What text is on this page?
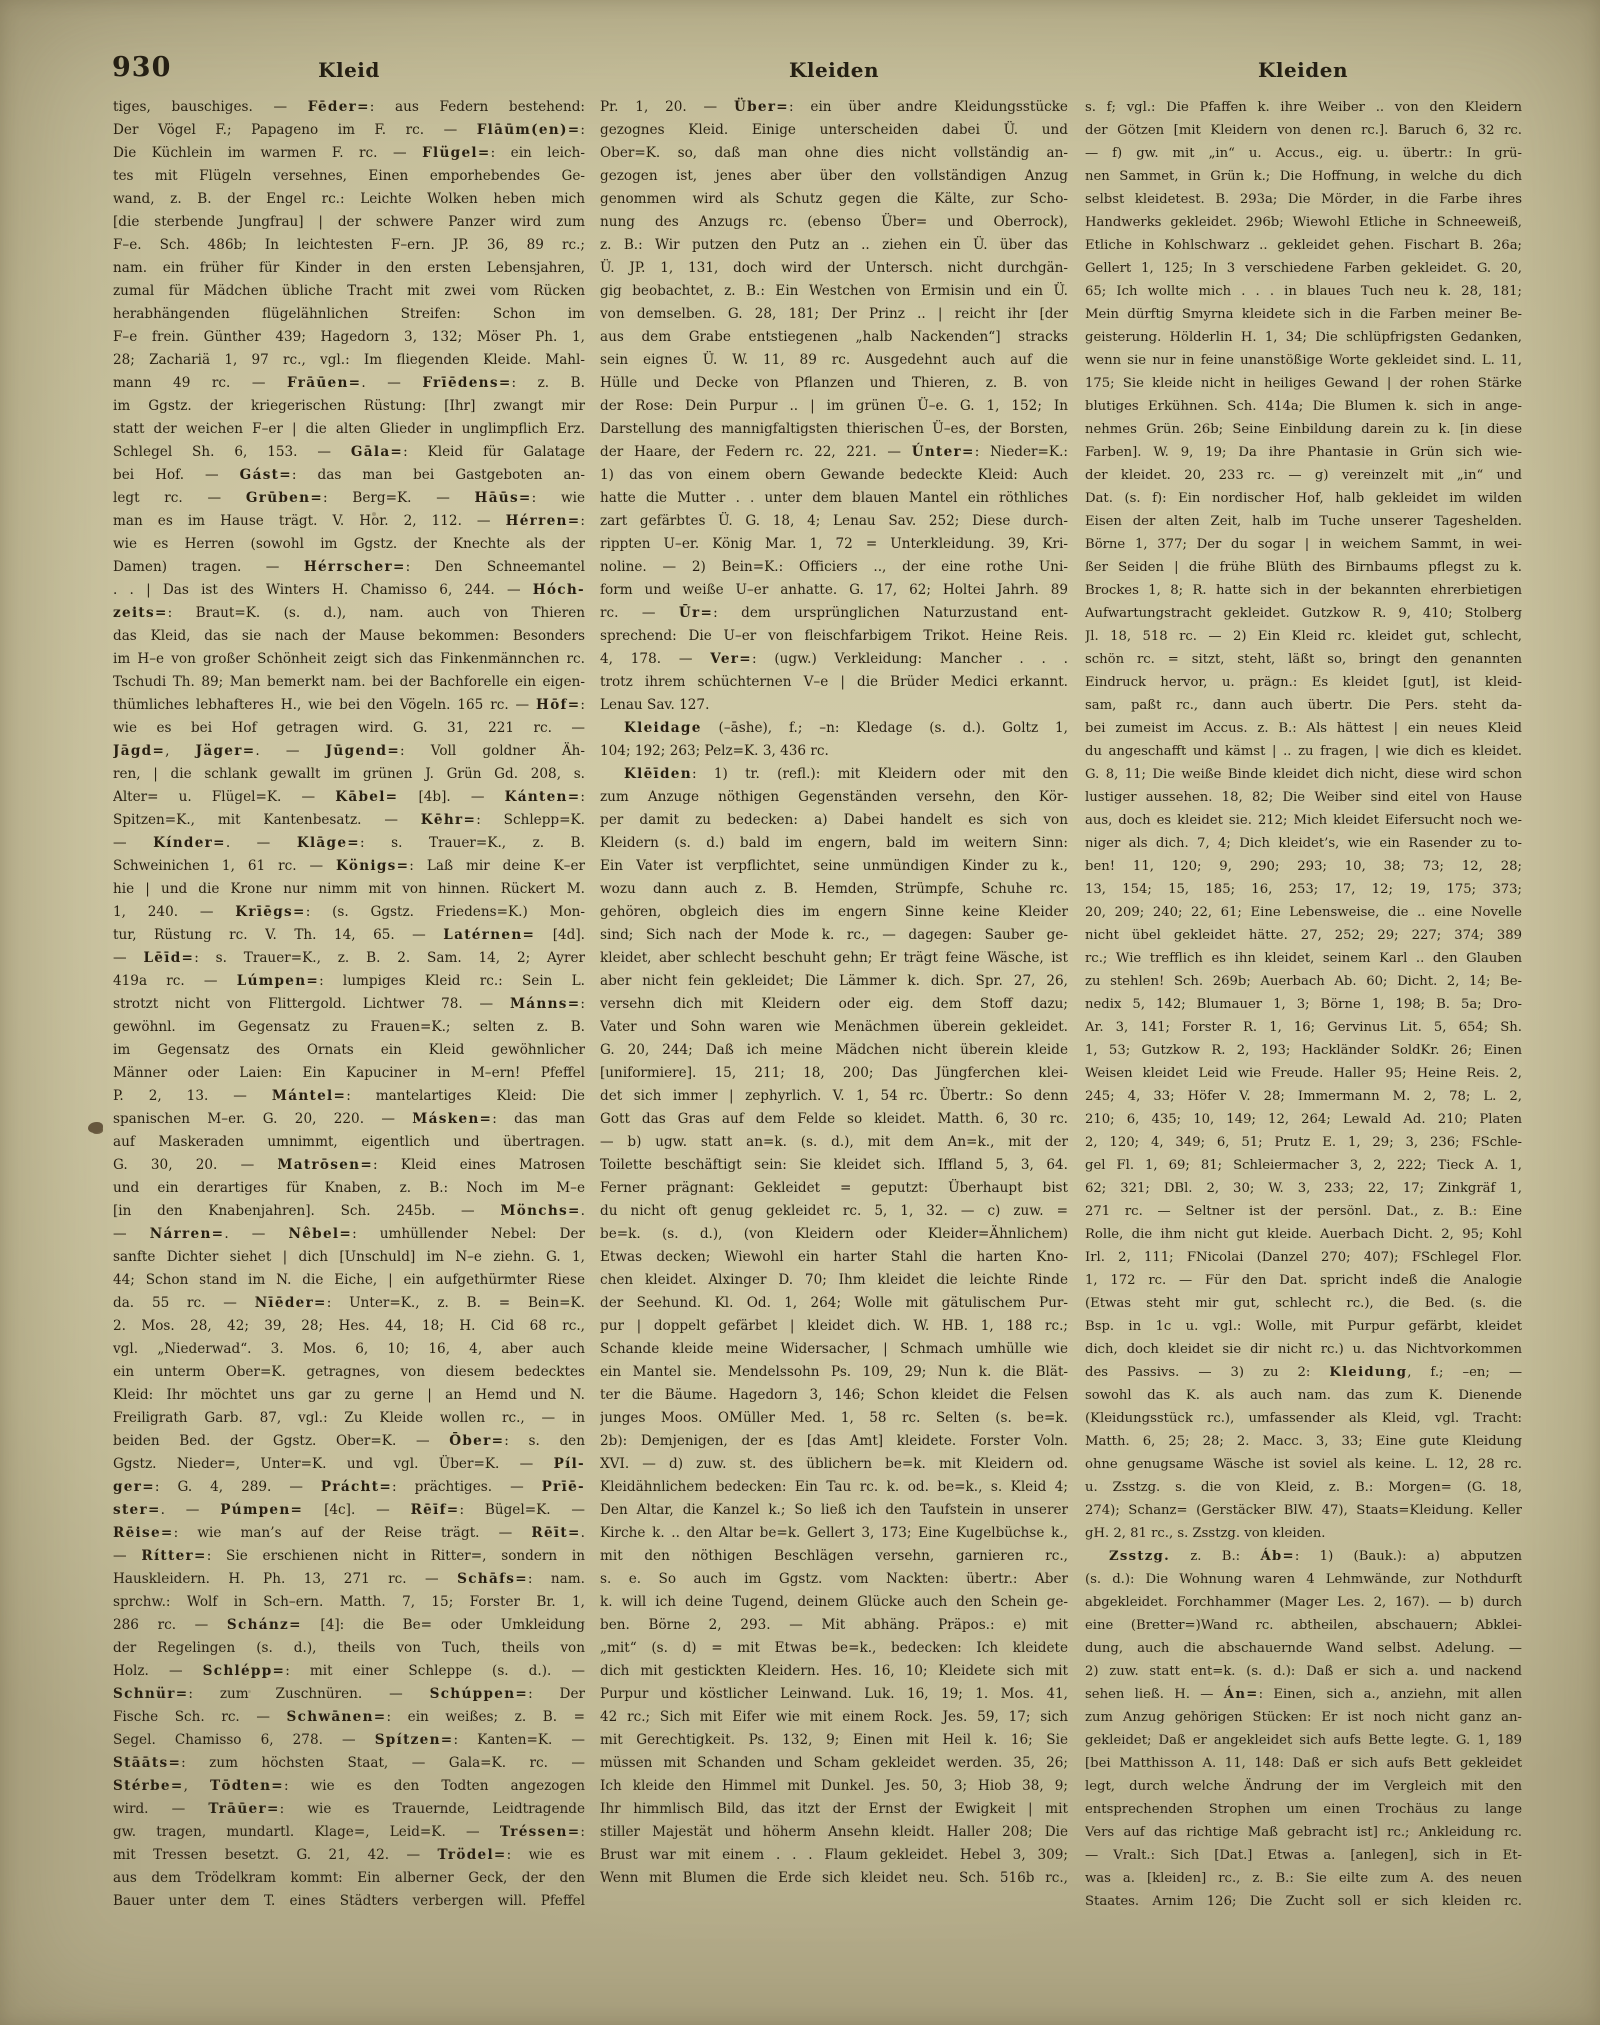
930	Kleid	Kleiden	Kleiden
tiges, bauschiges. — Fēder=: aus Federn bestehend:
Der Vögel F.; Papageno im F. rc. — Flāūm(en)=:
Die Küchlein im warmen F. rc. — Flügel=: ein leich-
tes mit Flügeln versehnes, Einen emporhebendes Ge-
wand, z. B. der Engel rc.: Leichte Wolken heben mich
[die sterbende Jungfrau] | der schwere Panzer wird zum
F–e. Sch. 486b; In leichtesten F–ern. JP. 36, 89 rc.;
nam. ein früher für Kinder in den ersten Lebensjahren,
zumal für Mädchen übliche Tracht mit zwei vom Rücken
herabhängenden flügelähnlichen Streifen: Schon im
F–e frein. Günther 439; Hagedorn 3, 132; Möser Ph. 1,
28; Zachariä 1, 97 rc., vgl.: Im fliegenden Kleide. Mahl-
mann 49 rc. — Frāūen=. — Frīēdens=: z. B.
im Ggstz. der kriegerischen Rüstung: [Ihr] zwangt mir
statt der weichen F–er | die alten Glieder in unglimpflich Erz.
Schlegel Sh. 6, 153. — Gāla=: Kleid für Galatage
bei Hof. — Gást=: das man bei Gastgeboten an-
legt rc. — Grūben=: Berg=K. — Hāūs=: wie
man es im Hause trägt. V. Hor. 2, 112. — Hérren=:
wie es Herren (sowohl im Ggstz. der Knechte als der
Damen) tragen. — Hérrscher=: Den Schneemantel
. . | Das ist des Winters H. Chamisso 6, 244. — Hóch-
zeits=: Braut=K. (s. d.), nam. auch von Thieren
das Kleid, das sie nach der Mause bekommen: Besonders
im H–e von großer Schönheit zeigt sich das Finkenmännchen rc.
Tschudi Th. 89; Man bemerkt nam. bei der Bachforelle ein eigen-
thümliches lebhafteres H., wie bei den Vögeln. 165 rc. — Hōf=:
wie es bei Hof getragen wird. G. 31, 221 rc. —
Jāgd=, Jäger=. — Jūgend=: Voll goldner Äh-
ren, | die schlank gewallt im grünen J. Grün Gd. 208, s.
Alter= u. Flügel=K. — Kābel= [4b]. — Kánten=:
Spitzen=K., mit Kantenbesatz. — Kēhr=: Schlepp=K.
— Kínder=. — Klāge=: s. Trauer=K., z. B.
Schweinichen 1, 61 rc. — Königs=: Laß mir deine K–er
hie | und die Krone nur nimm mit von hinnen. Rückert M.
1, 240. — Krīēgs=: (s. Ggstz. Friedens=K.) Mon-
tur, Rüstung rc. V. Th. 14, 65. — Latérnen= [4d].
— Lēīd=: s. Trauer=K., z. B. 2. Sam. 14, 2; Ayrer
419a rc. — Lúmpen=: lumpiges Kleid rc.: Sein L.
strotzt nicht von Flittergold. Lichtwer 78. — Mánns=:
gewöhnl. im Gegensatz zu Frauen=K.; selten z. B.
im Gegensatz des Ornats ein Kleid gewöhnlicher
Männer oder Laien: Ein Kapuciner in M–ern! Pfeffel
P. 2, 13. — Mántel=: mantelartiges Kleid: Die
spanischen M–er. G. 20, 220. — Másken=: das man
auf Maskeraden umnimmt, eigentlich und übertragen.
G. 30, 20. — Matrōsen=: Kleid eines Matrosen
und ein derartiges für Knaben, z. B.: Noch im M–e
[in den Knabenjahren]. Sch. 245b. — Mönchs=.
— Nárren=. — Nêbel=: umhüllender Nebel: Der
sanfte Dichter siehet | dich [Unschuld] im N–e ziehn. G. 1,
44; Schon stand im N. die Eiche, | ein aufgethürmter Riese
da. 55 rc. — Nīēder=: Unter=K., z. B. = Bein=K.
2. Mos. 28, 42; 39, 28; Hes. 44, 18; H. Cid 68 rc.,
vgl. „Niederwad“. 3. Mos. 6, 10; 16, 4, aber auch
ein unterm Ober=K. getragnes, von diesem bedecktes
Kleid: Ihr möchtet uns gar zu gerne | an Hemd und N.
Freiligrath Garb. 87, vgl.: Zu Kleide wollen rc., — in
beiden Bed. der Ggstz. Ober=K. — Ōber=: s. den
Ggstz. Nieder=, Unter=K. und vgl. Über=K. — Píl-
ger=: G. 4, 289. — Prácht=: prächtiges. — Prīē-
ster=. — Púmpen= [4c]. — Rēīf=: Bügel=K. —
Rēise=: wie man’s auf der Reise trägt. — Rēīt=.
— Rítter=: Sie erschienen nicht in Ritter=, sondern in
Hauskleidern. H. Ph. 13, 271 rc. — Schāfs=: nam.
sprchw.: Wolf in Sch–ern. Matth. 7, 15; Forster Br. 1,
286 rc. — Schánz= [4]: die Be= oder Umkleidung
der Regelingen (s. d.), theils von Tuch, theils von
Holz. — Schlépp=: mit einer Schleppe (s. d.). —
Schnür=: zum Zuschnüren. — Schúppen=: Der
Fische Sch. rc. — Schwānen=: ein weißes; z. B. =
Segel. Chamisso 6, 278. — Spítzen=: Kanten=K. —
Stāāts=: zum höchsten Staat, — Gala=K. rc. —
Stérbe=, Tōdten=: wie es den Todten angezogen
wird. — Trāūer=: wie es Trauernde, Leidtragende
gw. tragen, mundartl. Klage=, Leid=K. — Tréssen=:
mit Tressen besetzt. G. 21, 42. — Trödel=: wie es
aus dem Trödelkram kommt: Ein alberner Geck, der den
Bauer unter dem T. eines Städters verbergen will. Pfeffel
Pr. 1, 20. — Über=: ein über andre Kleidungsstücke
gezognes Kleid. Einige unterscheiden dabei Ü. und
Ober=K. so, daß man ohne dies nicht vollständig an-
gezogen ist, jenes aber über den vollständigen Anzug
genommen wird als Schutz gegen die Kälte, zur Scho-
nung des Anzugs rc. (ebenso Über= und Oberrock),
z. B.: Wir putzen den Putz an .. ziehen ein Ü. über das
Ü. JP. 1, 131, doch wird der Untersch. nicht durchgän-
gig beobachtet, z. B.: Ein Westchen von Ermisin und ein Ü.
von demselben. G. 28, 181; Der Prinz .. | reicht ihr [der
aus dem Grabe entstiegenen „halb Nackenden“] stracks
sein eignes Ü. W. 11, 89 rc. Ausgedehnt auch auf die
Hülle und Decke von Pflanzen und Thieren, z. B. von
der Rose: Dein Purpur .. | im grünen Ü–e. G. 1, 152; In
Darstellung des mannigfaltigsten thierischen Ü–es, der Borsten,
der Haare, der Federn rc. 22, 221. — Únter=: Nieder=K.:
1) das von einem obern Gewande bedeckte Kleid: Auch
hatte die Mutter . . unter dem blauen Mantel ein röthliches
zart gefärbtes Ü. G. 18, 4; Lenau Sav. 252; Diese durch-
rippten U–er. König Mar. 1, 72 = Unterkleidung. 39, Kri-
noline. — 2) Bein=K.: Officiers .., der eine rothe Uni-
form und weiße U–er anhatte. G. 17, 62; Holtei Jahrh. 89
rc. — Ūr=: dem ursprünglichen Naturzustand ent-
sprechend: Die U–er von fleischfarbigem Trikot. Heine Reis.
4, 178. — Ver=: (ugw.) Verkleidung: Mancher . . .
trotz ihrem schüchternen V–e | die Brüder Medici erkannt.
Lenau Sav. 127.
Kleidage (–āshe), f.; –n: Kledage (s. d.). Goltz 1,
104; 192; 263; Pelz=K. 3, 436 rc.
Klēīden: 1) tr. (refl.): mit Kleidern oder mit den
zum Anzuge nöthigen Gegenständen versehn, den Kör-
per damit zu bedecken: a) Dabei handelt es sich von
Kleidern (s. d.) bald im engern, bald im weitern Sinn:
Ein Vater ist verpflichtet, seine unmündigen Kinder zu k.,
wozu dann auch z. B. Hemden, Strümpfe, Schuhe rc.
gehören, obgleich dies im engern Sinne keine Kleider
sind; Sich nach der Mode k. rc., — dagegen: Sauber ge-
kleidet, aber schlecht beschuht gehn; Er trägt feine Wäsche, ist
aber nicht fein gekleidet; Die Lämmer k. dich. Spr. 27, 26,
versehn dich mit Kleidern oder eig. dem Stoff dazu;
Vater und Sohn waren wie Menächmen überein gekleidet.
G. 20, 244; Daß ich meine Mädchen nicht überein kleide
[uniformiere]. 15, 211; 18, 200; Das Jüngferchen klei-
det sich immer | zephyrlich. V. 1, 54 rc. Übertr.: So denn
Gott das Gras auf dem Felde so kleidet. Matth. 6, 30 rc.
— b) ugw. statt an=k. (s. d.), mit dem An=k., mit der
Toilette beschäftigt sein: Sie kleidet sich. Iffland 5, 3, 64.
Ferner prägnant: Gekleidet = geputzt: Überhaupt bist
du nicht oft genug gekleidet rc. 5, 1, 32. — c) zuw. =
be=k. (s. d.), (von Kleidern oder Kleider=Ähnlichem)
Etwas decken; Wiewohl ein harter Stahl die harten Kno-
chen kleidet. Alxinger D. 70; Ihm kleidet die leichte Rinde
der Seehund. Kl. Od. 1, 264; Wolle mit gätulischem Pur-
pur | doppelt gefärbet | kleidet dich. W. HB. 1, 188 rc.;
Schande kleide meine Widersacher, | Schmach umhülle wie
ein Mantel sie. Mendelssohn Ps. 109, 29; Nun k. die Blät-
ter die Bäume. Hagedorn 3, 146; Schon kleidet die Felsen
junges Moos. OMüller Med. 1, 58 rc. Selten (s. be=k.
2b): Demjenigen, der es [das Amt] kleidete. Forster Voln.
XVI. — d) zuw. st. des üblichern be=k. mit Kleidern od.
Kleidähnlichem bedecken: Ein Tau rc. k. od. be=k., s. Kleid 4;
Den Altar, die Kanzel k.; So ließ ich den Taufstein in unserer
Kirche k. .. den Altar be=k. Gellert 3, 173; Eine Kugelbüchse k.,
mit den nöthigen Beschlägen versehn, garnieren rc.,
s. e. So auch im Ggstz. vom Nackten: übertr.: Aber
k. will ich deine Tugend, deinem Glücke auch den Schein ge-
ben. Börne 2, 293. — Mit abhäng. Präpos.: e) mit
„mit“ (s. d) = mit Etwas be=k., bedecken: Ich kleidete
dich mit gestickten Kleidern. Hes. 16, 10; Kleidete sich mit
Purpur und köstlicher Leinwand. Luk. 16, 19; 1. Mos. 41,
42 rc.; Sich mit Eifer wie mit einem Rock. Jes. 59, 17; sich
mit Gerechtigkeit. Ps. 132, 9; Einen mit Heil k. 16; Sie
müssen mit Schanden und Scham gekleidet werden. 35, 26;
Ich kleide den Himmel mit Dunkel. Jes. 50, 3; Hiob 38, 9;
Ihr himmlisch Bild, das itzt der Ernst der Ewigkeit | mit
stiller Majestät und höherm Ansehn kleidt. Haller 208; Die
Brust war mit einem . . . Flaum gekleidet. Hebel 3, 309;
Wenn mit Blumen die Erde sich kleidet neu. Sch. 516b rc.,
s. f; vgl.: Die Pfaffen k. ihre Weiber .. von den Kleidern
der Götzen [mit Kleidern von denen rc.]. Baruch 6, 32 rc.
— f) gw. mit „in“ u. Accus., eig. u. übertr.: In grü-
nen Sammet, in Grün k.; Die Hoffnung, in welche du dich
selbst kleidetest. B. 293a; Die Mörder, in die Farbe ihres
Handwerks gekleidet. 296b; Wiewohl Etliche in Schneeweiß,
Etliche in Kohlschwarz .. gekleidet gehen. Fischart B. 26a;
Gellert 1, 125; In 3 verschiedene Farben gekleidet. G. 20,
65; Ich wollte mich . . . in blaues Tuch neu k. 28, 181;
Mein dürftig Smyrna kleidete sich in die Farben meiner Be-
geisterung. Hölderlin H. 1, 34; Die schlüpfrigsten Gedanken,
wenn sie nur in feine unanstößige Worte gekleidet sind. L. 11,
175; Sie kleide nicht in heiliges Gewand | der rohen Stärke
blutiges Erkühnen. Sch. 414a; Die Blumen k. sich in ange-
nehmes Grün. 26b; Seine Einbildung darein zu k. [in diese
Farben]. W. 9, 19; Da ihre Phantasie in Grün sich wie-
der kleidet. 20, 233 rc. — g) vereinzelt mit „in“ und
Dat. (s. f): Ein nordischer Hof, halb gekleidet im wilden
Eisen der alten Zeit, halb im Tuche unserer Tageshelden.
Börne 1, 377; Der du sogar | in weichem Sammt, in wei-
ßer Seiden | die frühe Blüth des Birnbaums pflegst zu k.
Brockes 1, 8; R. hatte sich in der bekannten ehrerbietigen
Aufwartungstracht gekleidet. Gutzkow R. 9, 410; Stolberg
Jl. 18, 518 rc. — 2) Ein Kleid rc. kleidet gut, schlecht,
schön rc. = sitzt, steht, läßt so, bringt den genannten
Eindruck hervor, u. prägn.: Es kleidet [gut], ist kleid-
sam, paßt rc., dann auch übertr. Die Pers. steht da-
bei zumeist im Accus. z. B.: Als hättest | ein neues Kleid
du angeschafft und kämst | .. zu fragen, | wie dich es kleidet.
G. 8, 11; Die weiße Binde kleidet dich nicht, diese wird schon
lustiger aussehen. 18, 82; Die Weiber sind eitel von Hause
aus, doch es kleidet sie. 212; Mich kleidet Eifersucht noch we-
niger als dich. 7, 4; Dich kleidet’s, wie ein Rasender zu to-
ben! 11, 120; 9, 290; 293; 10, 38; 73; 12, 28;
13, 154; 15, 185; 16, 253; 17, 12; 19, 175; 373;
20, 209; 240; 22, 61; Eine Lebensweise, die .. eine Novelle
nicht übel gekleidet hätte. 27, 252; 29; 227; 374; 389
rc.; Wie trefflich es ihn kleidet, seinem Karl .. den Glauben
zu stehlen! Sch. 269b; Auerbach Ab. 60; Dicht. 2, 14; Be-
nedix 5, 142; Blumauer 1, 3; Börne 1, 198; B. 5a; Dro-
Ar. 3, 141; Forster R. 1, 16; Gervinus Lit. 5, 654; Sh.
1, 53; Gutzkow R. 2, 193; Hackländer SoldKr. 26; Einen
Weisen kleidet Leid wie Freude. Haller 95; Heine Reis. 2,
245; 4, 33; Höfer V. 28; Immermann M. 2, 78; L. 2,
210; 6, 435; 10, 149; 12, 264; Lewald Ad. 210; Platen
2, 120; 4, 349; 6, 51; Prutz E. 1, 29; 3, 236; FSchle-
gel Fl. 1, 69; 81; Schleiermacher 3, 2, 222; Tieck A. 1,
62; 321; DBl. 2, 30; W. 3, 233; 22, 17; Zinkgräf 1,
271 rc. — Seltner ist der persönl. Dat., z. B.: Eine
Rolle, die ihm nicht gut kleide. Auerbach Dicht. 2, 95; Kohl
Irl. 2, 111; FNicolai (Danzel 270; 407); FSchlegel Flor.
1, 172 rc. — Für den Dat. spricht indeß die Analogie
(Etwas steht mir gut, schlecht rc.), die Bed. (s. die
Bsp. in 1c u. vgl.: Wolle, mit Purpur gefärbt, kleidet
dich, doch kleidet sie dir nicht rc.) u. das Nichtvorkommen
des Passivs. — 3) zu 2: Kleidung, f.; –en; —
sowohl das K. als auch nam. das zum K. Dienende
(Kleidungsstück rc.), umfassender als Kleid, vgl. Tracht:
Matth. 6, 25; 28; 2. Macc. 3, 33; Eine gute Kleidung
ohne genugsame Wäsche ist soviel als keine. L. 12, 28 rc.
u. Zsstzg. s. die von Kleid, z. B.: Morgen= (G. 18,
274); Schanz= (Gerstäcker BlW. 47), Staats=Kleidung. Keller
gH. 2, 81 rc., s. Zsstzg. von kleiden.
Zsstzg. z. B.: Áb=: 1) (Bauk.): a) abputzen
(s. d.): Die Wohnung waren 4 Lehmwände, zur Nothdurft
abgekleidet. Forchhammer (Mager Les. 2, 167). — b) durch
eine (Bretter=)Wand rc. abtheilen, abschauern; Abklei-
dung, auch die abschauernde Wand selbst. Adelung. —
2) zuw. statt ent=k. (s. d.): Daß er sich a. und nackend
sehen ließ. H. — Án=: Einen, sich a., anziehn, mit allen
zum Anzug gehörigen Stücken: Er ist noch nicht ganz an-
gekleidet; Daß er angekleidet sich aufs Bette legte. G. 1, 189
[bei Matthisson A. 11, 148: Daß er sich aufs Bett gekleidet
legt, durch welche Ändrung der im Vergleich mit den
entsprechenden Strophen um einen Trochäus zu lange
Vers auf das richtige Maß gebracht ist] rc.; Ankleidung rc.
— Vralt.: Sich [Dat.] Etwas a. [anlegen], sich in Et-
was a. [kleiden] rc., z. B.: Sie eilte zum A. des neuen
Staates. Arnim 126; Die Zucht soll er sich kleiden rc.
